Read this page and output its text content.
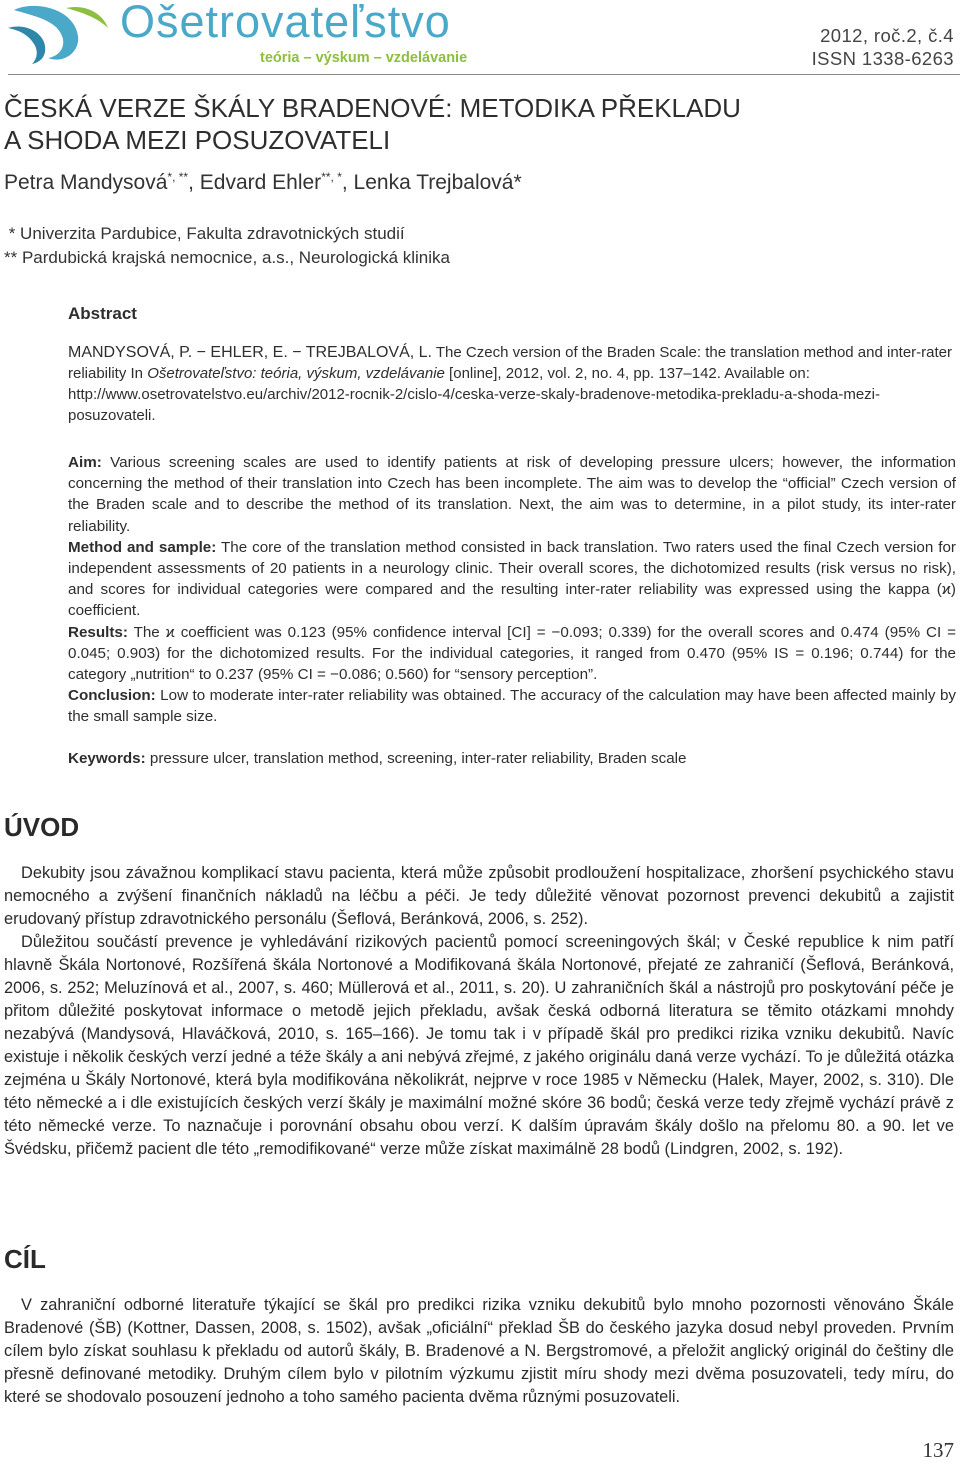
Ošetrovateľstvo
teória – výskum – vzdelávanie
2012, roč.2, č.4
ISSN 1338-6263
ČESKÁ VERZE ŠKÁLY BRADENOVÉ: METODIKA PŘEKLADU
A SHODA MEZI POSUZOVATELI
Petra Mandysová*, **, Edvard Ehler**, *, Lenka Trejbalová*
* Univerzita Pardubice, Fakulta zdravotnických studií
** Pardubická krajská nemocnice, a.s., Neurologická klinika
Abstract
MANDYSOVÁ, P. − EHLER, E. − TREJBALOVÁ, L. The Czech version of the Braden Scale: the translation method and inter-rater reliability In Ošetrovateľstvo: teória, výskum, vzdelávanie [online], 2012, vol. 2, no. 4, pp. 137–142. Available on: http://www.osetrovatelstvo.eu/archiv/2012-rocnik-2/cislo-4/ceska-verze-skaly-bradenove-metodika-prekladu-a-shoda-mezi-posuzovateli.

Aim: Various screening scales are used to identify patients at risk of developing pressure ulcers; however, the information concerning the method of their translation into Czech has been incomplete. The aim was to develop the “official” Czech version of the Braden scale and to describe the method of its translation. Next, the aim was to determine, in a pilot study, its inter-rater reliability.

Method and sample: The core of the translation method consisted in back translation. Two raters used the final Czech version for independent assessments of 20 patients in a neurology clinic. Their overall scores, the dichotomized results (risk versus no risk), and scores for individual categories were compared and the resulting inter-rater reliability was expressed using the kappa (ϰ) coefficient.

Results: The ϰ coefficient was 0.123 (95% confidence interval [CI] = −0.093; 0.339) for the overall scores and 0.474 (95% CI = 0.045; 0.903) for the dichotomized results. For the individual categories, it ranged from 0.470 (95% IS = 0.196; 0.744) for the category „nutrition“ to 0.237 (95% CI = −0.086; 0.560) for “sensory perception”.

Conclusion: Low to moderate inter-rater reliability was obtained. The accuracy of the calculation may have been affected mainly by the small sample size.

Keywords: pressure ulcer, translation method, screening, inter-rater reliability, Braden scale
ÚVOD

Dekubity jsou závažnou komplikací stavu pacienta, která může způsobit prodloužení hospitalizace, zhoršení psychického stavu nemocného a zvýšení finančních nákladů na léčbu a péči. Je tedy důležité věnovat pozornost prevenci dekubitů a zajistit erudovaný přístup zdravotnického personálu (Šeflová, Beránková, 2006, s. 252).

Důležitou součástí prevence je vyhledávání rizikových pacientů pomocí screeningových škál; v České republice k nim patří hlavně Škála Nortonové, Rozšířená škála Nortonové a Modifikovaná škála Nortonové, přejaté ze zahraničí (Šeflová, Beránková, 2006, s. 252; Meluzínová et al., 2007, s. 460; Müllerová et al., 2011, s. 20). U zahraničních škál a nástrojů pro poskytování péče je přitom důležité poskytovat informace o metodě jejich překladu, avšak česká odborná literatura se těmito otázkami mnohdy nezabývá (Mandysová, Hlaváčková, 2010, s. 165–166). Je tomu tak i v případě škál pro predikci rizika vzniku dekubitů. Navíc existuje i několik českých verzí jedné a téže škály a ani nebývá zřejmé, z jakého originálu daná verze vychází. To je důležitá otázka zejména u Škály Nortonové, která byla modifikována několikrát, nejprve v roce 1985 v Německu (Halek, Mayer, 2002, s. 310). Dle této německé a i dle existujících českých verzí škály je maximální možné skóre 36 bodů; česká verze tedy zřejmě vychází právě z této německé verze. To naznačuje i porovnání obsahu obou verzí. K dalším úpravám škály došlo na přelomu 80. a 90. let ve Švédsku, přičemž pacient dle této „remodifikované“ verze může získat maximálně 28 bodů (Lindgren, 2002, s. 192).

CÍL

V zahraniční odborné literatuře týkající se škál pro predikci rizika vzniku dekubitů bylo mnoho pozornosti věnováno Škále Bradenové (ŠB) (Kottner, Dassen, 2008, s. 1502), avšak „oficiální“ překlad ŠB do českého jazyka dosud nebyl proveden. Prvním cílem bylo získat souhlasu k překladu od autorů škály, B. Bradenové a N. Bergstromové, a přeložit anglický originál do češtiny dle přesně definované metodiky. Druhým cílem bylo v pilotním výzkumu zjistit míru shody mezi dvěma posuzovateli, tedy míru, do které se shodovalo posouzení jednoho a toho samého pacienta dvěma různými posuzovateli.

137
